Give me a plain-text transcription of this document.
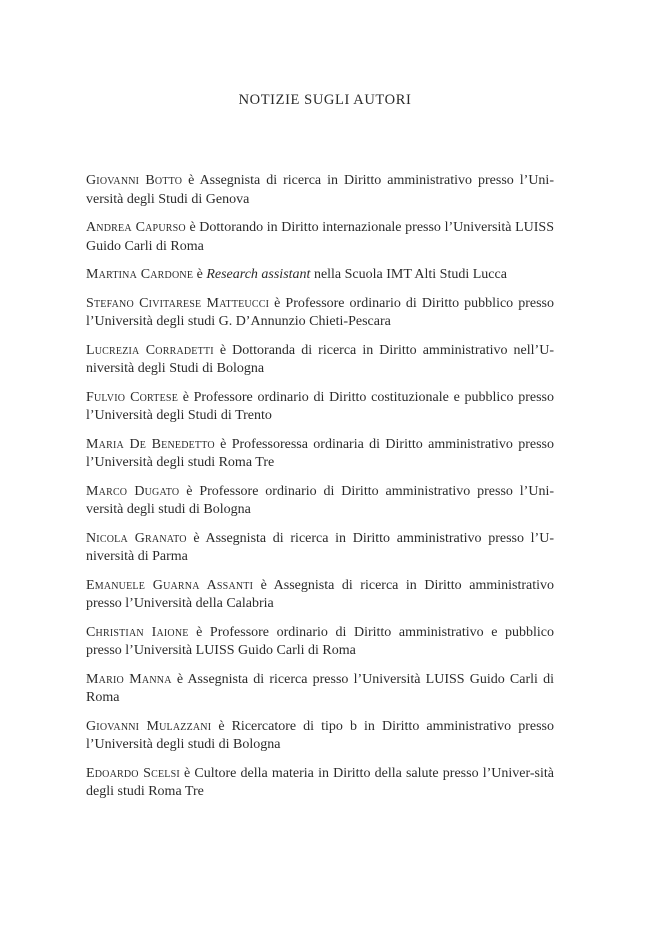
NOTIZIE SUGLI AUTORI

Giovanni Botto è Assegnista di ricerca in Diritto amministrativo presso l’Uni-versità degli Studi di Genova

Andrea Capurso è Dottorando in Diritto internazionale presso l’Università LUISS Guido Carli di Roma

Martina Cardone è Research assistant nella Scuola IMT Alti Studi Lucca

Stefano Civitarese Matteucci è Professore ordinario di Diritto pubblico presso l’Università degli studi G. D’Annunzio Chieti-Pescara

Lucrezia Corradetti è Dottoranda di ricerca in Diritto amministrativo nell’U-niversità degli Studi di Bologna

Fulvio Cortese è Professore ordinario di Diritto costituzionale e pubblico presso l’Università degli Studi di Trento

Maria De Benedetto è Professoressa ordinaria di Diritto amministrativo presso l’Università degli studi Roma Tre

Marco Dugato è Professore ordinario di Diritto amministrativo presso l’Uni-versità degli studi di Bologna

Nicola Granato è Assegnista di ricerca in Diritto amministrativo presso l’U-niversità di Parma

Emanuele Guarna Assanti è Assegnista di ricerca in Diritto amministrativo presso l’Università della Calabria

Christian Iaione è Professore ordinario di Diritto amministrativo e pubblico presso l’Università LUISS Guido Carli di Roma

Mario Manna è Assegnista di ricerca presso l’Università LUISS Guido Carli di Roma

Giovanni Mulazzani è Ricercatore di tipo b in Diritto amministrativo presso l’Università degli studi di Bologna

Edoardo Scelsi è Cultore della materia in Diritto della salute presso l’Univer-sità degli studi Roma Tre
